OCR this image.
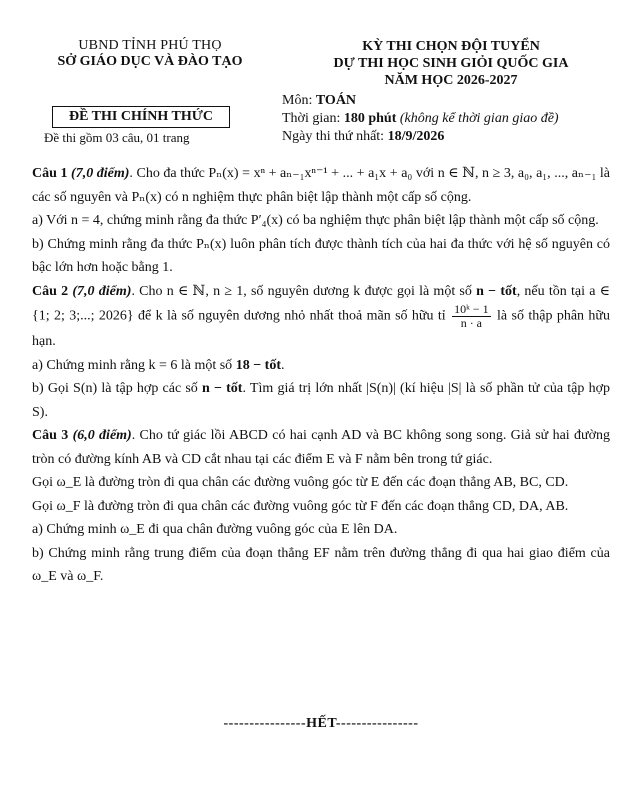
UBND TỈNH PHÚ THỌ
SỞ GIÁO DỤC VÀ ĐÀO TẠO
KỲ THI CHỌN ĐỘI TUYỂN
DỰ THI HỌC SINH GIỎI QUỐC GIA
NĂM HỌC 2026-2027
ĐỀ THI CHÍNH THỨC
Đề thi gồm 03 câu, 01 trang
Môn: TOÁN
Thời gian: 180 phút (không kể thời gian giao đề)
Ngày thi thứ nhất: 18/9/2026

Câu 1 (7,0 điểm). Cho đa thức Pₙ(x) = xⁿ + aₙ₋₁xⁿ⁻¹ + ... + a₁x + a₀ với n ∈ ℕ, n ≥ 3, a₀, a₁, ..., aₙ₋₁ là các số nguyên và Pₙ(x) có n nghiệm thực phân biệt lập thành một cấp số cộng.

a) Với n = 4, chứng minh rằng đa thức P′₄(x) có ba nghiệm thực phân biệt lập thành một cấp số cộng.

b) Chứng minh rằng đa thức Pₙ(x) luôn phân tích được thành tích của hai đa thức với hệ số nguyên có bậc lớn hơn hoặc bằng 1.

Câu 2 (7,0 điểm). Cho n ∈ ℕ, n ≥ 1, số nguyên dương k được gọi là một số n − tốt, nếu tồn tại a ∈ {1; 2; 3;...; 2026} để k là số nguyên dương nhỏ nhất thoả mãn số hữu tỉ $\frac{\text{10ᵏ − 1}}{n \cdot a}$ là số thập phân hữu hạn.

a) Chứng minh rằng k = 6 là một số 18 − tốt.

b) Gọi S(n) là tập hợp các số n − tốt. Tìm giá trị lớn nhất |S(n)| (kí hiệu |S| là số phần tử của tập hợp S).

Câu 3 (6,0 điểm). Cho tứ giác lồi ABCD có hai cạnh AD và BC không song song. Giả sử hai đường tròn có đường kính AB và CD cắt nhau tại các điểm E và F nằm bên trong tứ giác.

Gọi ω_E là đường tròn đi qua chân các đường vuông góc từ E đến các đoạn thẳng AB, BC, CD.

Gọi ω_F là đường tròn đi qua chân các đường vuông góc từ F đến các đoạn thẳng CD, DA, AB.

a) Chứng minh ω_E đi qua chân đường vuông góc của E lên DA.

b) Chứng minh rằng trung điểm của đoạn thẳng EF nằm trên đường thẳng đi qua hai giao điểm của ω_E và ω_F.

----------------HẾT----------------
